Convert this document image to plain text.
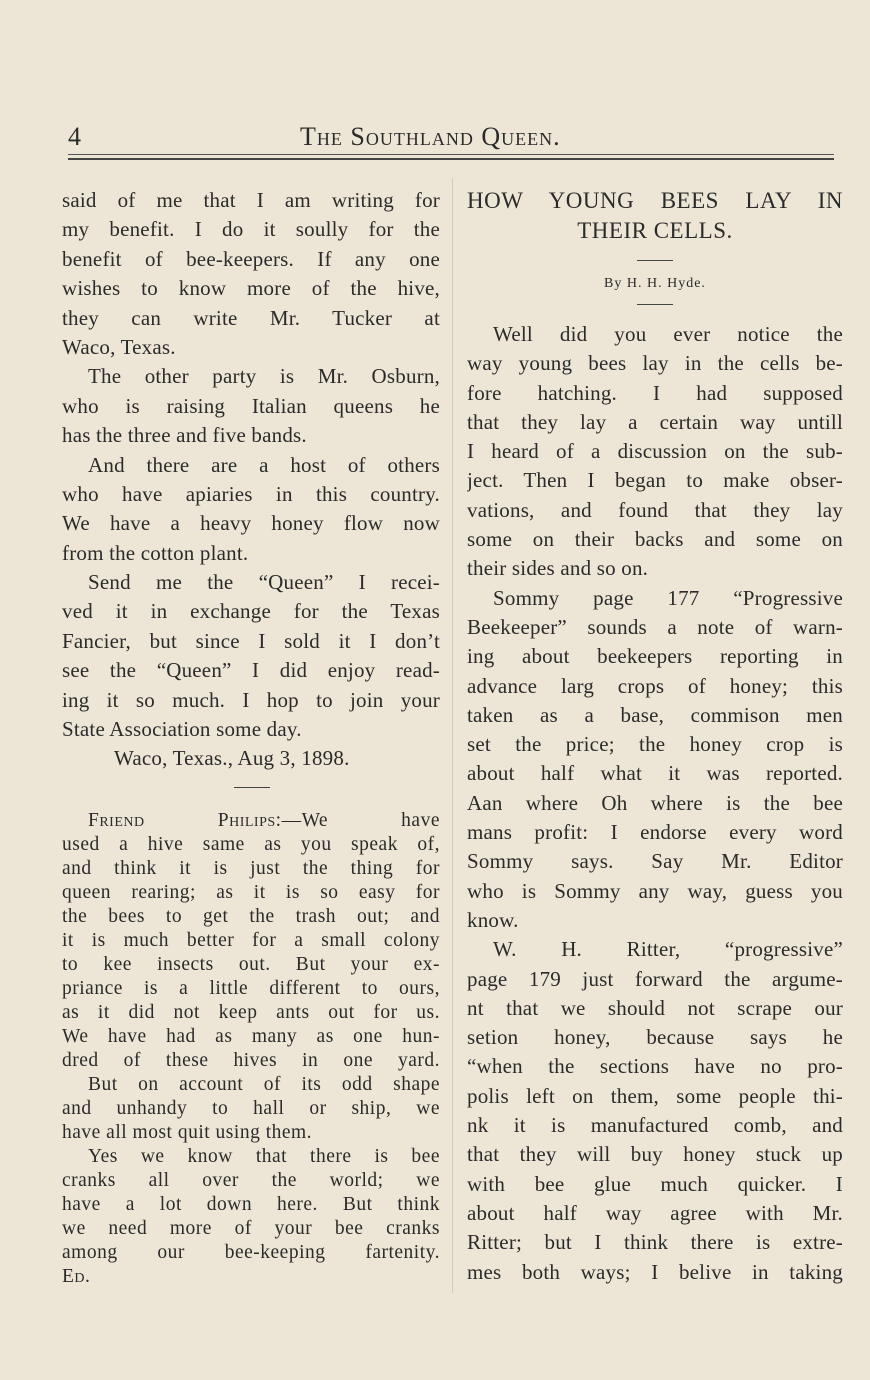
4	The Southland Queen.
said of me that I am writing for
my benefit. I do it soully for the
benefit of bee-keepers. If any one
wishes to know more of the hive,
they can write Mr. Tucker at
Waco, Texas.
The other party is Mr. Osburn,
who is raising Italian queens he
has the three and five bands.
And there are a host of others
who have apiaries in this country.
We have a heavy honey flow now
from the cotton plant.
Send me the “Queen” I recei-
ved it in exchange for the Texas
Fancier, but since I sold it I don’t
see the “Queen” I did enjoy read-
ing it so much. I hop to join your
State Association some day.
Waco, Texas., Aug 3, 1898.
Friend Philips:—We have
used a hive same as you speak of,
and think it is just the thing for
queen rearing; as it is so easy for
the bees to get the trash out; and
it is much better for a small colony
to kee insects out. But your ex-
priance is a little different to ours,
as it did not keep ants out for us.
We have had as many as one hun-
dred of these hives in one yard.
But on account of its odd shape
and unhandy to hall or ship, we
have all most quit using them.
Yes we know that there is bee
cranks all over the world; we
have a lot down here. But think
we need more of your bee cranks
among our bee-keeping fartenity.
Ed.
HOW YOUNG BEES LAY IN
THEIR CELLS.
By H. H. Hyde.
Well did you ever notice the
way young bees lay in the cells be-
fore hatching. I had supposed
that they lay a certain way untill
I heard of a discussion on the sub-
ject. Then I began to make obser-
vations, and found that they lay
some on their backs and some on
their sides and so on.
Sommy page 177 “Progressive
Beekeeper” sounds a note of warn-
ing about beekeepers reporting in
advance larg crops of honey; this
taken as a base, commison men
set the price; the honey crop is
about half what it was reported.
Aan where Oh where is the bee
mans profit: I endorse every word
Sommy says. Say Mr. Editor
who is Sommy any way, guess you
know.
W. H. Ritter, “progressive”
page 179 just forward the argume-
nt that we should not scrape our
setion honey, because says he
“when the sections have no pro-
polis left on them, some people thi-
nk it is manufactured comb, and
that they will buy honey stuck up
with bee glue much quicker. I
about half way agree with Mr.
Ritter; but I think there is extre-
mes both ways; I belive in taking
